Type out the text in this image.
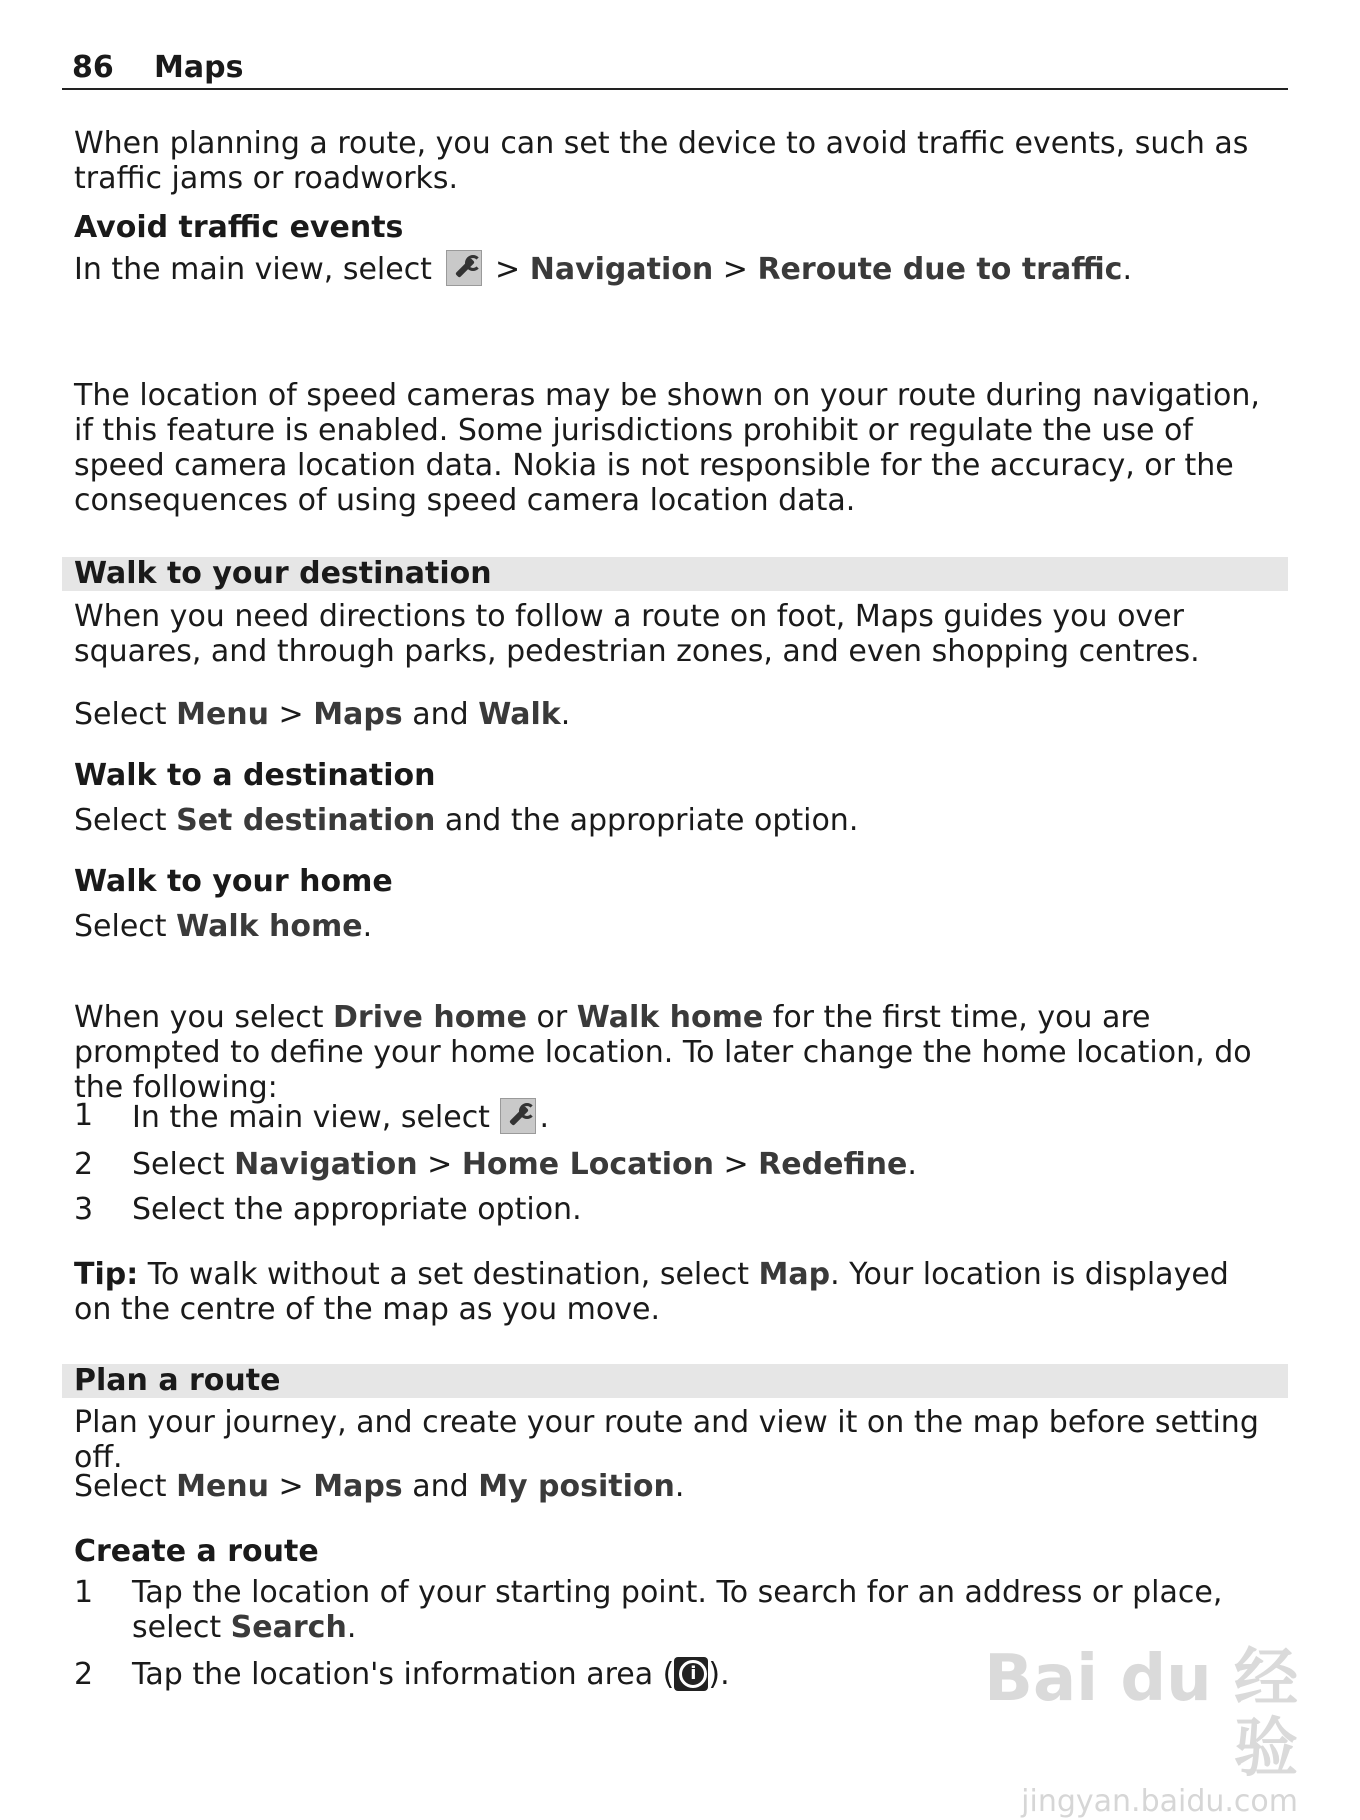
86 Maps

When planning a route, you can set the device to avoid traffic events, such as traffic jams or roadworks.

Avoid traffic events

In the main view, select  > Navigation > Reroute due to traffic.

The location of speed cameras may be shown on your route during navigation, if this feature is enabled. Some jurisdictions prohibit or regulate the use of speed camera location data. Nokia is not responsible for the accuracy, or the consequences of using speed camera location data.

Walk to your destination

When you need directions to follow a route on foot, Maps guides you over squares, and through parks, pedestrian zones, and even shopping centres.

Select Menu > Maps and Walk.

Walk to a destination

Select Set destination and the appropriate option.

Walk to your home

Select Walk home.

When you select Drive home or Walk home for the first time, you are prompted to define your home location. To later change the home location, do the following:

1 In the main view, select .
2 Select Navigation > Home Location > Redefine.
3 Select the appropriate option.

Tip: To walk without a set destination, select Map. Your location is displayed on the centre of the map as you move.

Plan a route

Plan your journey, and create your route and view it on the map before setting off.

Select Menu > Maps and My position.

Create a route
1 Tap the location of your starting point. To search for an address or place, select Search.
2 Tap the location's information area (i ).	Bai du 经验
jingyan.baidu.com
